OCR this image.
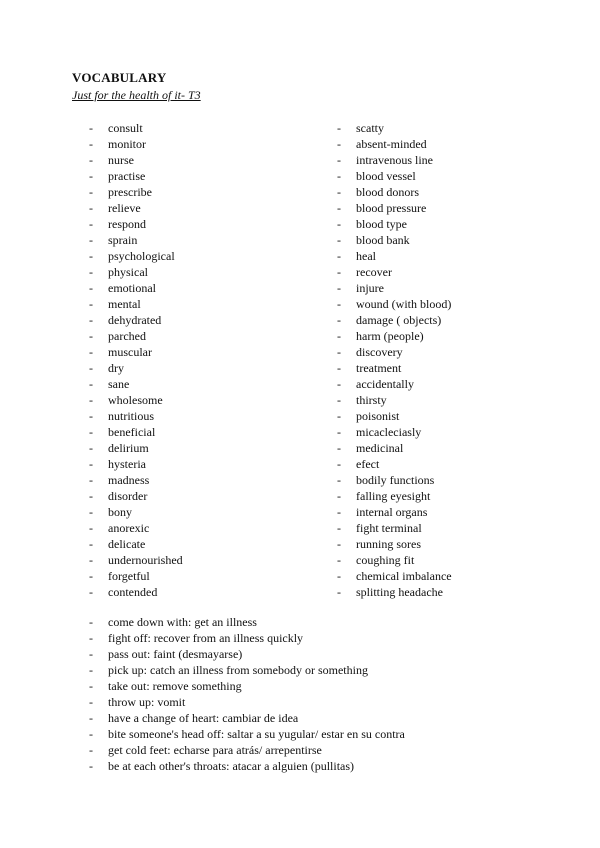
VOCABULARY
Just for the health of it- T3
- consult
- monitor
- nurse
- practise
- prescribe
- relieve
- respond
- sprain
- psychological
- physical
- emotional
- mental
- dehydrated
- parched
- muscular
- dry
- sane
- wholesome
- nutritious
- beneficial
- delirium
- hysteria
- madness
- disorder
- bony
- anorexic
- delicate
- undernourished
- forgetful
- contended
- scatty
- absent-minded
- intravenous line
- blood vessel
- blood donors
- blood pressure
- blood type
- blood bank
- heal
- recover
- injure
- wound (with blood)
- damage ( objects)
- harm (people)
- discovery
- treatment
- accidentally
- thirsty
- poisonist
- micacleciasly
- medicinal
- efect
- bodily functions
- falling eyesight
- internal organs
- fight terminal
- running sores
- coughing fit
- chemical imbalance
- splitting headache
- come down with: get an illness
- fight off: recover from an illness quickly
- pass out: faint (desmayarse)
- pick up: catch an illness from somebody or something
- take out: remove something
- throw up: vomit
- have a change of heart: cambiar de idea
- bite someone's head off: saltar a su yugular/ estar en su contra
- get cold feet: echarse para atrás/ arrepentirse
- be at each other's throats: atacar a alguien (pullitas)
